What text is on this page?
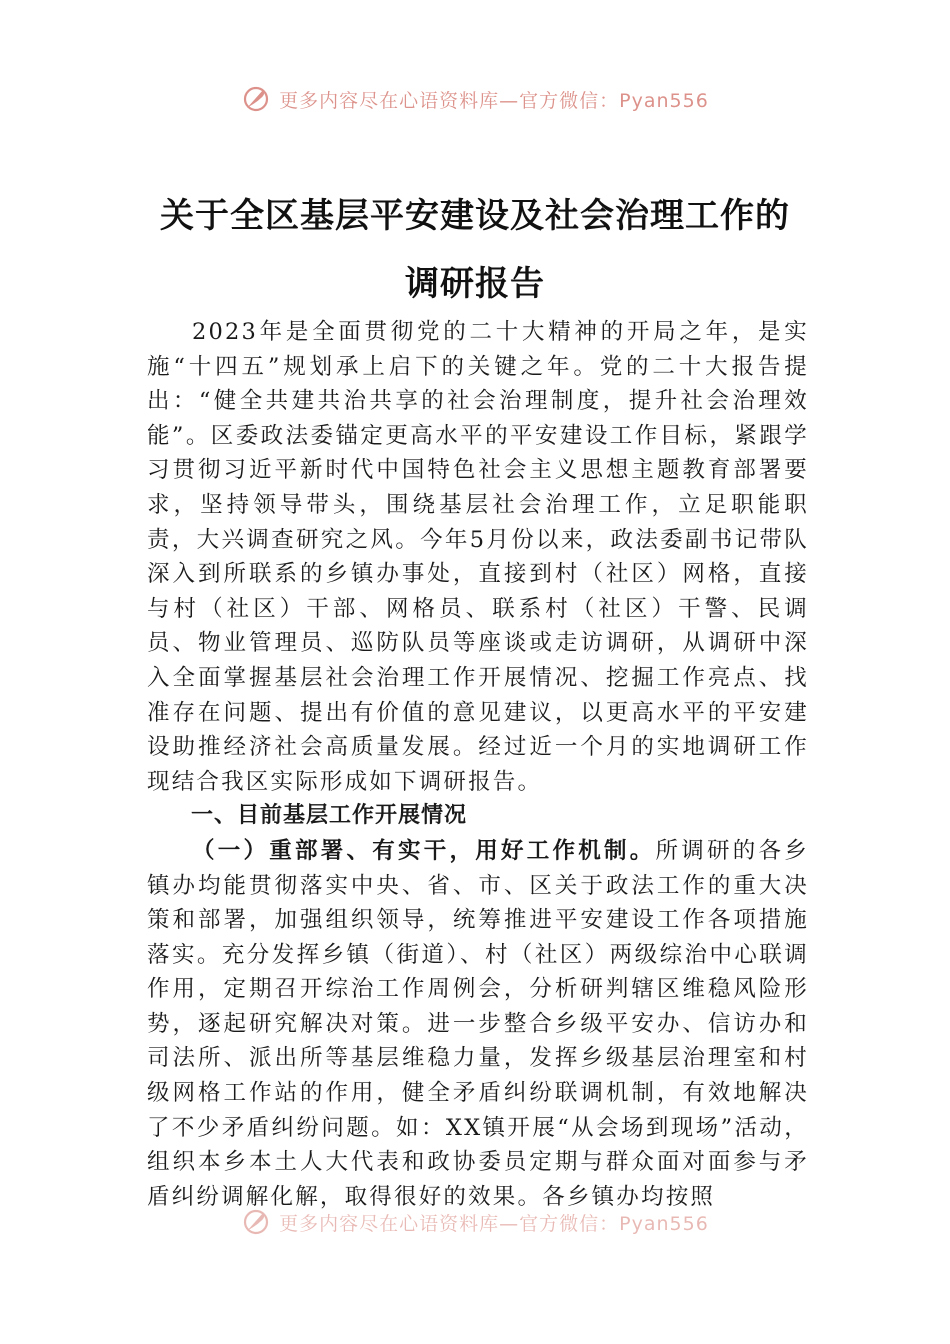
更多内容尽在心语资料库—官方微信：Pyan556
关于全区基层平安建设及社会治理工作的
调研报告

2023年是全面贯彻党的二十大精神的开局之年，是实施“十四五”规划承上启下的关键之年。党的二十大报告提出：“健全共建共治共享的社会治理制度，提升社会治理效能”。区委政法委锚定更高水平的平安建设工作目标，紧跟学习贯彻习近平新时代中国特色社会主义思想主题教育部署要求，坚持领导带头，围绕基层社会治理工作，立足职能职责，大兴调查研究之风。今年5月份以来，政法委副书记带队深入到所联系的乡镇办事处，直接到村（社区）网格，直接与村（社区）干部、网格员、联系村（社区）干警、民调员、物业管理员、巡防队员等座谈或走访调研，从调研中深入全面掌握基层社会治理工作开展情况、挖掘工作亮点、找准存在问题、提出有价值的意见建议，以更高水平的平安建设助推经济社会高质量发展。经过近一个月的实地调研工作现结合我区实际形成如下调研报告。

一、目前基层工作开展情况

（一）重部署、有实干，用好工作机制。所调研的各乡镇办均能贯彻落实中央、省、市、区关于政法工作的重大决策和部署，加强组织领导，统筹推进平安建设工作各项措施落实。充分发挥乡镇（街道）、村（社区）两级综治中心联调作用，定期召开综治工作周例会，分析研判辖区维稳风险形势，逐起研究解决对策。进一步整合乡级平安办、信访办和司法所、派出所等基层维稳力量，发挥乡级基层治理室和村级网格工作站的作用，健全矛盾纠纷联调机制，有效地解决了不少矛盾纠纷问题。如：XX镇开展“从会场到现场”活动，组织本乡本土人大代表和政协委员定期与群众面对面参与矛盾纠纷调解化解，取得很好的效果。各乡镇办均按照

更多内容尽在心语资料库—官方微信：Pyan556
